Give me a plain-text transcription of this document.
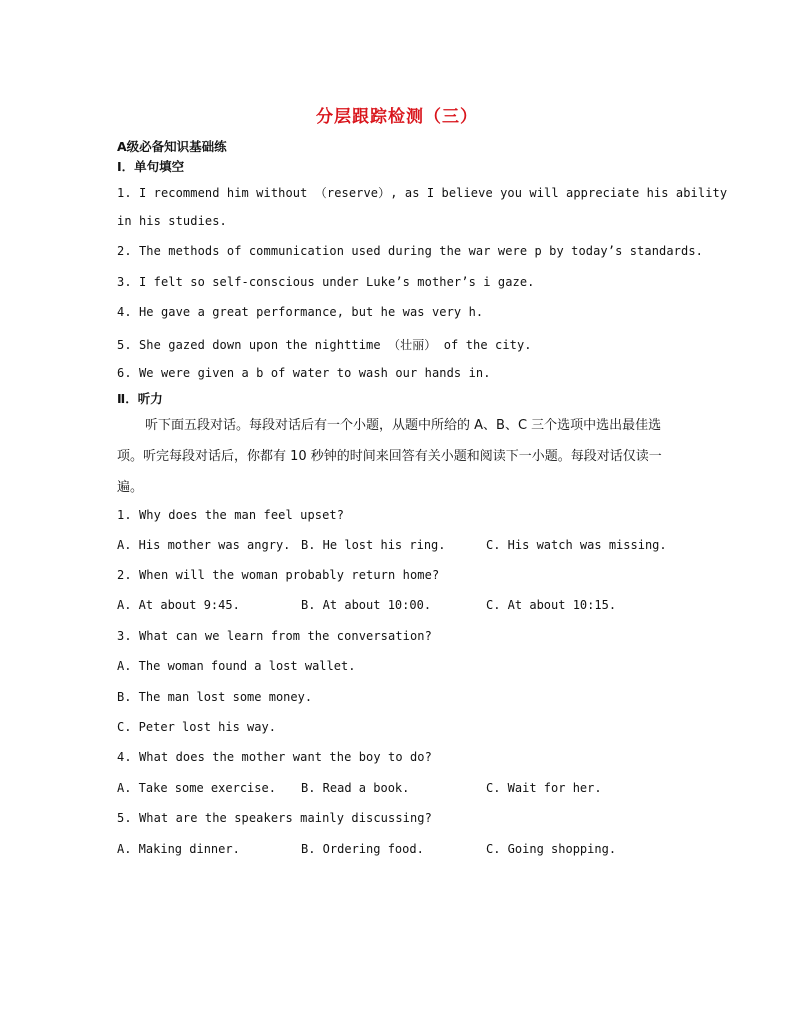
分层跟踪检测（三）
A级必备知识基础练
Ⅰ．单句填空
1. I recommend him without （reserve）, as I believe you will appreciate his ability
in his studies.
2. The methods of communication used during the war were p by today’s standards.
3. I felt so self-conscious under Luke’s mother’s i gaze.
4. He gave a great performance, but he was very h.
5. She gazed down upon the nighttime （壮丽） of the city.
6. We were given a b of water to wash our hands in.
Ⅱ．听力
听下面五段对话。每段对话后有一个小题，从题中所给的 A、B、C 三个选项中选出最佳选
项。听完每段对话后，你都有 10 秒钟的时间来回答有关小题和阅读下一小题。每段对话仅读一
遍。
1. Why does the man feel upset?
A. His mother was angry. B. He lost his ring.	C. His watch was missing.
2. When will the woman probably return home?
A. At about 9:45.	B. At about 10:00.	C. At about 10:15.
3. What can we learn from the conversation?
A. The woman found a lost wallet.
B. The man lost some money.
C. Peter lost his way.
4. What does the mother want the boy to do?
A. Take some exercise. B. Read a book.	C. Wait for her.
5. What are the speakers mainly discussing?
A. Making dinner.	B. Ordering food.	C. Going shopping.
